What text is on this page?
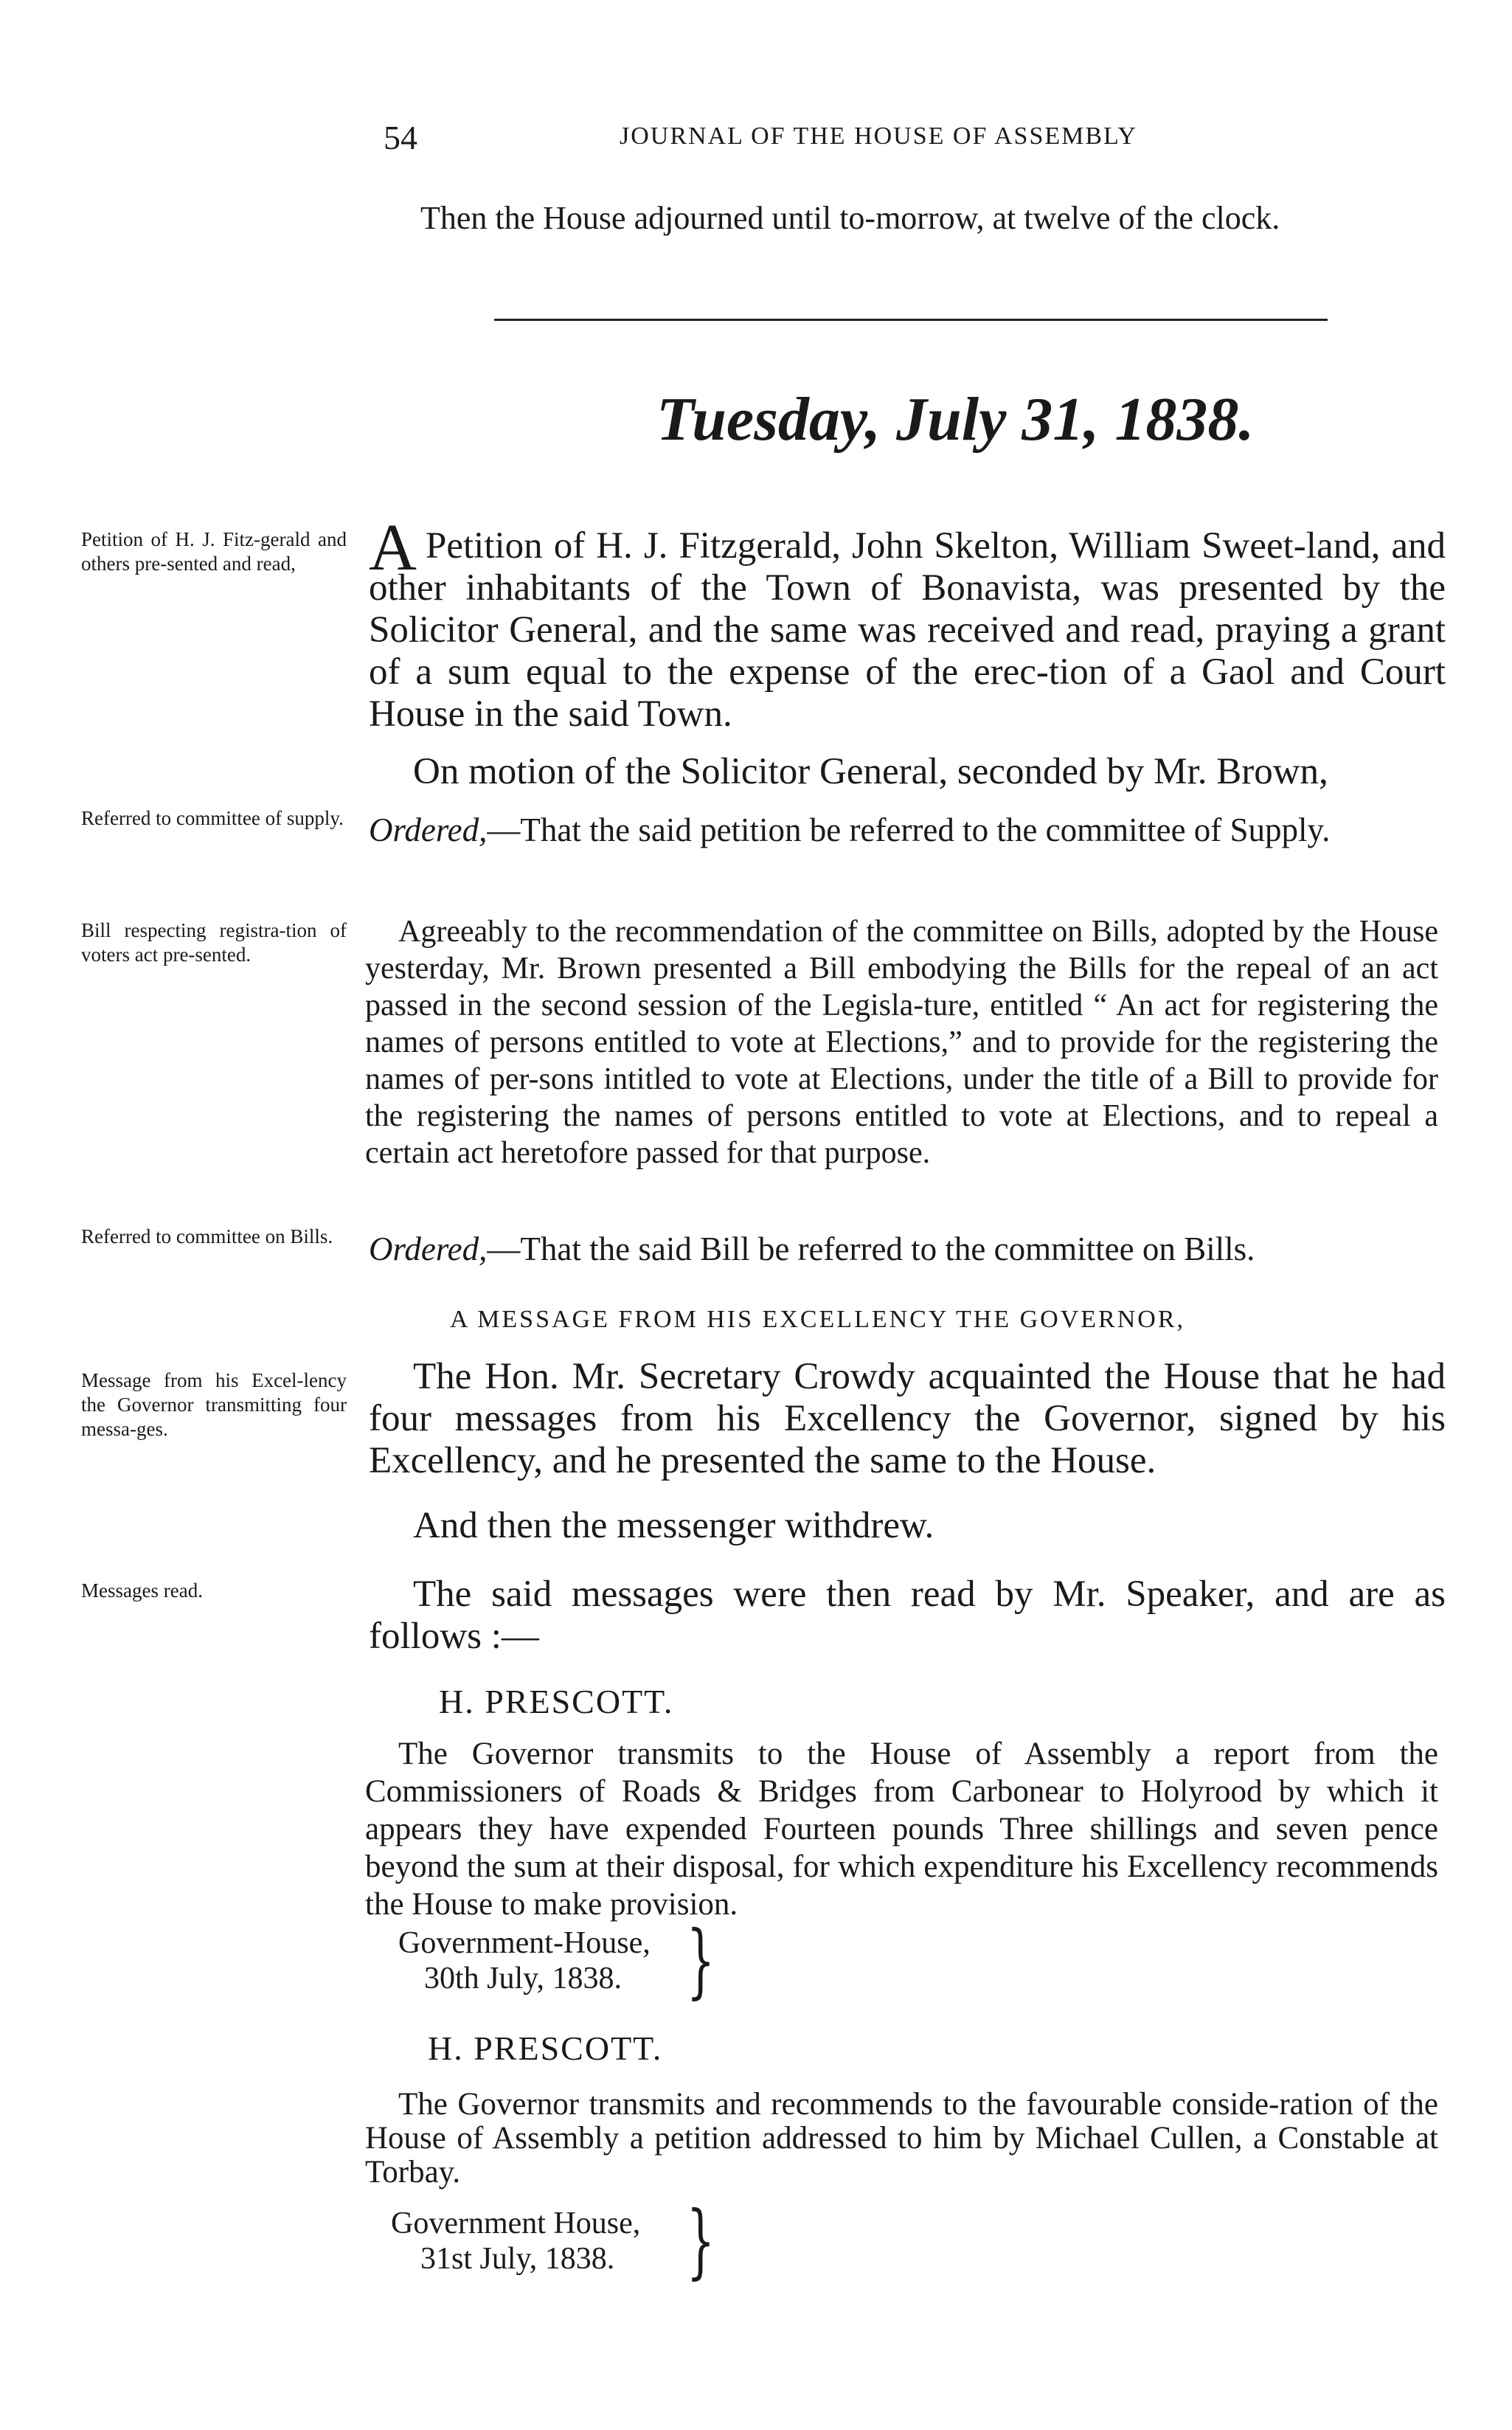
54	JOURNAL OF THE HOUSE OF ASSEMBLY
Then the House adjourned until to-morrow, at twelve of the clock.
Tuesday, July 31, 1838.
Petition of H. J. Fitz-gerald and others pre-sented and read,
Referred to committee of supply.
Bill respecting registra-tion of voters act pre-sented.
Referred to committee on Bills.
Message from his Excel-lency the Governor transmitting four messa-ges.
Messages read.
A Petition of H. J. Fitzgerald, John Skelton, William Sweet-land, and other inhabitants of the Town of Bonavista, was presented by the Solicitor General, and the same was received and read, praying a grant of a sum equal to the expense of the erec-tion of a Gaol and Court House in the said Town.
On motion of the Solicitor General, seconded by Mr. Brown,
Ordered,—That the said petition be referred to the committee of Supply.
Agreeably to the recommendation of the committee on Bills, adopted by the House yesterday, Mr. Brown presented a Bill embodying the Bills for the repeal of an act passed in the second session of the Legisla-ture, entitled “ An act for registering the names of persons entitled to vote at Elections,” and to provide for the registering the names of per-sons intitled to vote at Elections, under the title of a Bill to provide for the registering the names of persons entitled to vote at Elections, and to repeal a certain act heretofore passed for that purpose.
Ordered,—That the said Bill be referred to the committee on Bills.
A MESSAGE FROM HIS EXCELLENCY THE GOVERNOR,
The Hon. Mr. Secretary Crowdy acquainted the House that he had four messages from his Excellency the Governor, signed by his Excellency, and he presented the same to the House.
And then the messenger withdrew.
The said messages were then read by Mr. Speaker, and are as follows :—
H. PRESCOTT.
The Governor transmits to the House of Assembly a report from the Commissioners of Roads & Bridges from Carbonear to Holyrood by which it appears they have expended Fourteen pounds Three shillings and seven pence beyond the sum at their disposal, for which expenditure his Excellency recommends the House to make provision.
Government-House,
30th July, 1838. }
H. PRESCOTT.
The Governor transmits and recommends to the favourable conside-ration of the House of Assembly a petition addressed to him by Michael Cullen, a Constable at Torbay.
Government House,
31st July, 1838. }
